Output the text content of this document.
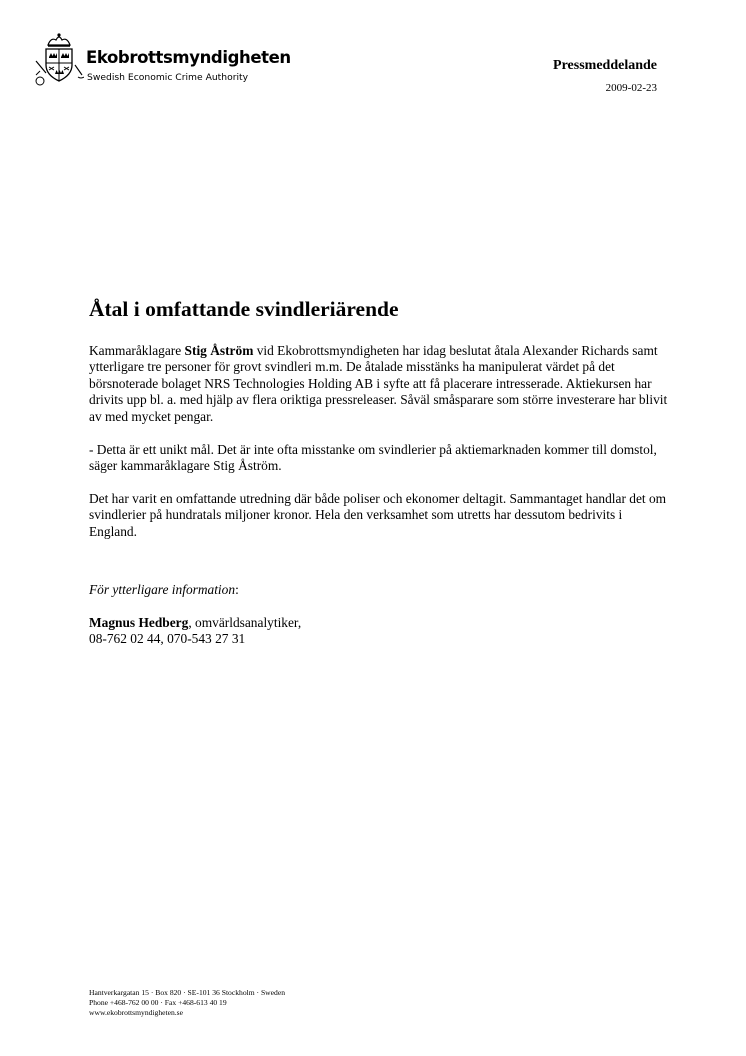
Ekobrottsmyndigheten
Swedish Economic Crime Authority
Pressmeddelande
2009-02-23
Åtal i omfattande svindleriärende

Kammaråklagare Stig Åström vid Ekobrottsmyndigheten har idag beslutat åtala Alexander Richards samt ytterligare tre personer för grovt svindleri m.m. De åtalade misstänks ha manipulerat värdet på det börsnoterade bolaget NRS Technologies Holding AB i syfte att få placerare intresserade. Aktiekursen har drivits upp bl. a. med hjälp av flera oriktiga pressreleaser. Såväl småsparare som större investerare har blivit av med mycket pengar.

- Detta är ett unikt mål. Det är inte ofta misstanke om svindlerier på aktiemarknaden kommer till domstol, säger kammaråklagare Stig Åström.

Det har varit en omfattande utredning där både poliser och ekonomer deltagit. Sammantaget handlar det om svindlerier på hundratals miljoner kronor. Hela den verksamhet som utretts har dessutom bedrivits i England.

För ytterligare information:

Magnus Hedberg, omvärldsanalytiker,
08-762 02 44, 070-543 27 31

Hantverkargatan 15 · Box 820 · SE-101 36 Stockholm · Sweden
Phone +468-762 00 00 · Fax +468-613 40 19
www.ekobrottsmyndigheten.se
